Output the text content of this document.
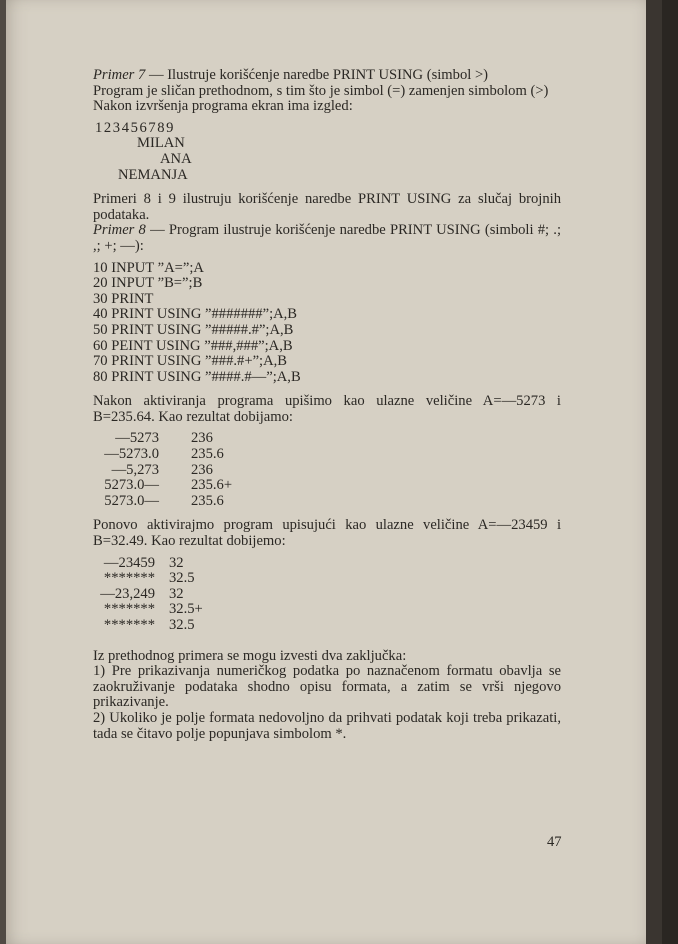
Primer 7 — Ilustruje korišćenje naredbe PRINT USING (simbol >)

Program je sličan prethodnom, s tim što je simbol (=) zamenjen simbolom (>)

Nakon izvršenja programa ekran ima izgled:

123456789
MILAN
ANA
NEMANJA

Primeri 8 i 9 ilustruju korišćenje naredbe PRINT USING za slučaj brojnih podataka.

Primer 8 — Program ilustruje korišćenje naredbe PRINT USING (simboli #; .; ,; +; —):

10 INPUT ”A=”;A
20 INPUT ”B=”;B
30 PRINT
40 PRINT USING ”#######”;A,B
50 PRINT USING ”#####.#”;A,B
60 PEINT USING ”###,###”;A,B
70 PRINT USING ”###.#+”;A,B
80 PRINT USING ”####.#—”;A,B

Nakon aktiviranja programa upišimo kao ulazne veličine A=—5273 i B=235.64. Kao rezultat dobijamo:

—5273 236
—5273.0 235.6
—5,273 236
5273.0— 235.6+
5273.0— 235.6

Ponovo aktivirajmo program upisujući kao ulazne veličine A=—23459 i B=32.49. Kao rezultat dobijemo:

—23459 32
******* 32.5
—23,249 32
******* 32.5+
******* 32.5

Iz prethodnog primera se mogu izvesti dva zaključka:

1) Pre prikazivanja numeričkog podatka po naznačenom formatu obavlja se zaokruživanje podataka shodno opisu formata, a zatim se vrši njegovo prikazivanje.

2) Ukoliko je polje formata nedovoljno da prihvati podatak koji treba prikazati, tada se čitavo polje popunjava simbolom *.

47
